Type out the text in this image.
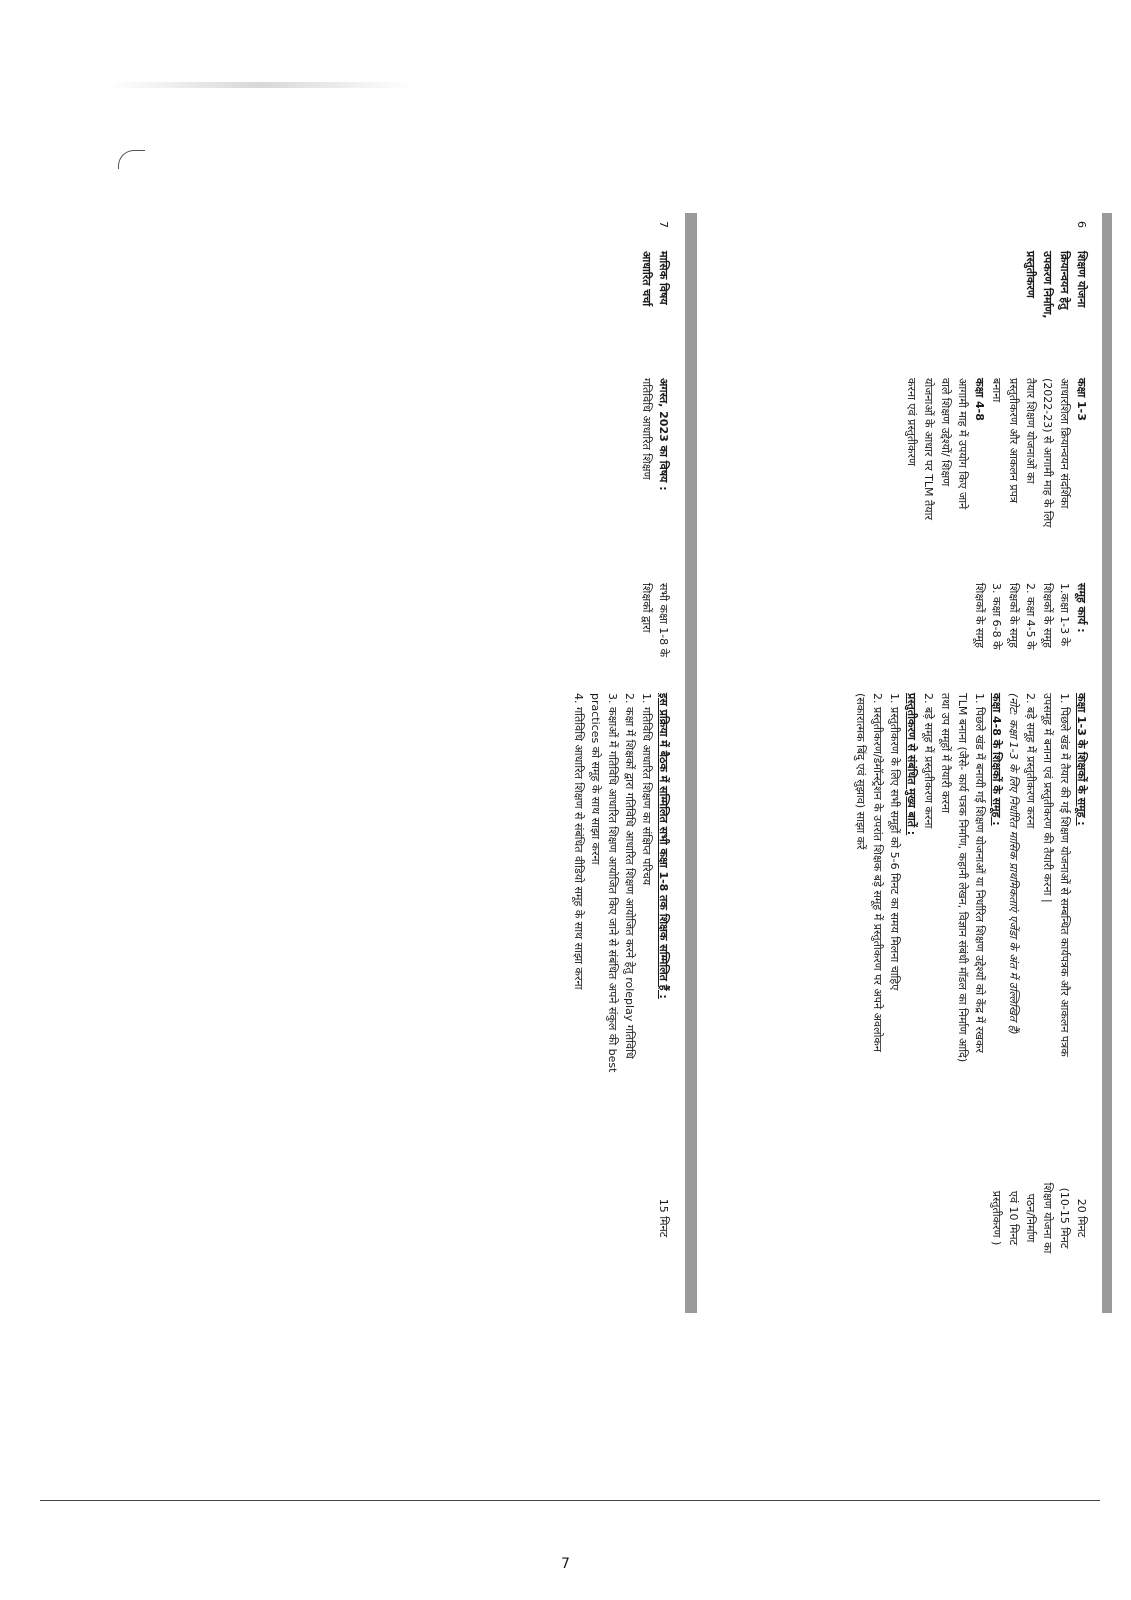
6
शिक्षण योजना
क्रियान्वयन हेतु
उपकरण निर्माण,
प्रस्तुतीकरण
कक्षा 1-3
आधारशिला क्रियान्वयन संदर्शिका
(2022-23) से आगामी माह के लिए
तैयार शिक्षण योजनाओं का
प्रस्तुतीकरण और आकलन प्रपत्र
बनाना
कक्षा 4-8
आगामी माह में उपयोग किए जाने
वाले शिक्षण उद्देश्यों/ शिक्षण
योजनाओं के आधार पर TLM तैयार
करना एवं प्रस्तुतीकरण
समूह कार्य :
1.कक्षा 1-3 के
शिक्षकों के समूह
2. कक्षा 4-5 के
शिक्षकों के समूह
3. कक्षा 6-8 के
शिक्षकों के समूह
कक्षा 1-3 के शिक्षकों के समूह :
1. पिछले खंड में तैयार की गई शिक्षण योजनाओं से सम्बन्धित कार्यपत्रक और आकलन पत्रक
उपसमूह में बनाना एवं प्रस्तुतीकरण की तैयारी करना |
2. बड़े समूह में प्रस्तुतीकरण करना
(नोट: कक्षा 1-3 के लिए निर्धारित मासिक प्राथमिकताएं एजेंडा के अंत में उल्लिखित हैं)
कक्षा 4-8 के शिक्षकों के समूह :
1. पिछले खंड में बनायी गई शिक्षण योजनाओं या निर्धारित शिक्षण उद्देश्यों को केंद्र में रखकर
TLM बनाना (जैसे- कार्य पत्रक निर्माण, कहानी लेखन, विज्ञान संबंधी मॉडल का निर्माण आदि)
तथा उप समूहों में तैयारी करना
2. बड़े समूह में प्रस्तुतीकरण करना
प्रस्तुतीकरण से संबंधित मुख्य बातें :
1. प्रस्तुतीकरण के लिए सभी समूहों को 5-6 मिनट का समय मिलना चाहिए
2. प्रस्तुतीकरण/डेमॉन्स्ट्रेशन के उपरांत शिक्षक बड़े समूह में प्रस्तुतीकरण पर अपने अवलोकन
(सकारात्मक बिंदु एवं सुझाव) साझा करें
20 मिनट
(10-15 मिनट
शिक्षण योजना का
पठन/निर्माण
एवं 10 मिनट
प्रस्तुतीकरण )
7
मासिक विषय
आधारित चर्चा
अगस्त, 2023 का विषय :
गतिविधि आधारित शिक्षण
सभी कक्षा 1-8 के
शिक्षकों द्वारा
इस प्रक्रिया में बैठक में सम्मिलित सभी कक्षा 1-8 तक शिक्षक सम्मिलित हैं :
1. गतिविधि आधारित शिक्षण का संक्षिप्त परिचय
2. कक्षा में शिक्षकों द्वारा गतिविधि आधारित शिक्षण आयोजित करने हेतु roleplay गतिविधि
3. कक्षाओं में गतिविधि आधारित शिक्षण आयोजित किए जाने से संबंधित अपने संकुल की best
practices को समूह के साथ साझा करना
4. गतिविधि आधारित शिक्षण से संबंधित वीडियो समूह के साथ साझा करना
15 मिनट
7
